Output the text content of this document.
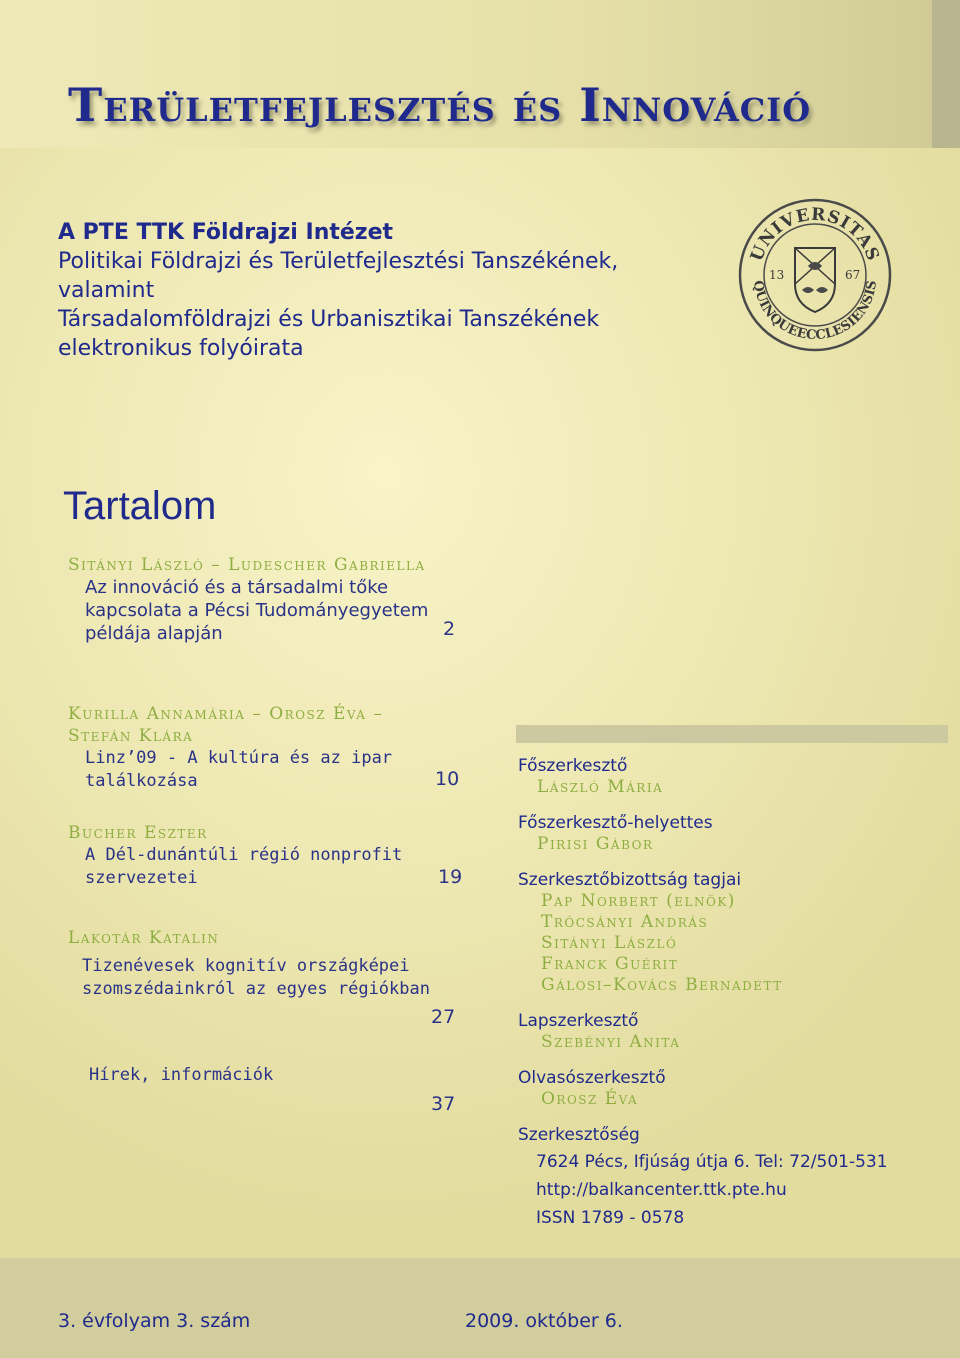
Területfejlesztés és Innováció
A PTE TTK Földrajzi Intézet
Politikai Földrajzi és Területfejlesztési Tanszékének,
valamint
Társadalomföldrajzi és Urbanisztikai Tanszékének
elektronikus folyóirata
UNIVERSITAS
QUINQUEECCLESIENSIS
13	67
Tartalom
Sitányi László – Ludescher Gabriella
Az innováció és a társadalmi tőke
kapcsolata a Pécsi Tudományegyetem
példája alapján	2
Kurilla Annamária – Orosz Éva –
Stefán Klára
Linz’09 - A kultúra és az ipar
találkozása	10
Bucher Eszter
A Dél-dunántúli régió nonprofit
szervezetei	19
Lakotár Katalin
Tizenévesek kognitív országképei
szomszédainkról az egyes régiókban
27
Hírek, információk
37
Főszerkesztő
László Mária
Főszerkesztő-helyettes
Pirisi Gábor
Szerkesztőbizottság tagjai
Pap Norbert (elnök)
Trócsányi András
Sitányi László
Franck Guérit
Gálosi–Kovács Bernadett
Lapszerkesztő
Szebényi Anita
Olvasószerkesztő
Orosz Éva
Szerkesztőség
7624 Pécs, Ifjúság útja 6. Tel: 72/501-531
http://balkancenter.ttk.pte.hu
ISSN 1789 - 0578
3. évfolyam 3. szám	2009. október 6.
